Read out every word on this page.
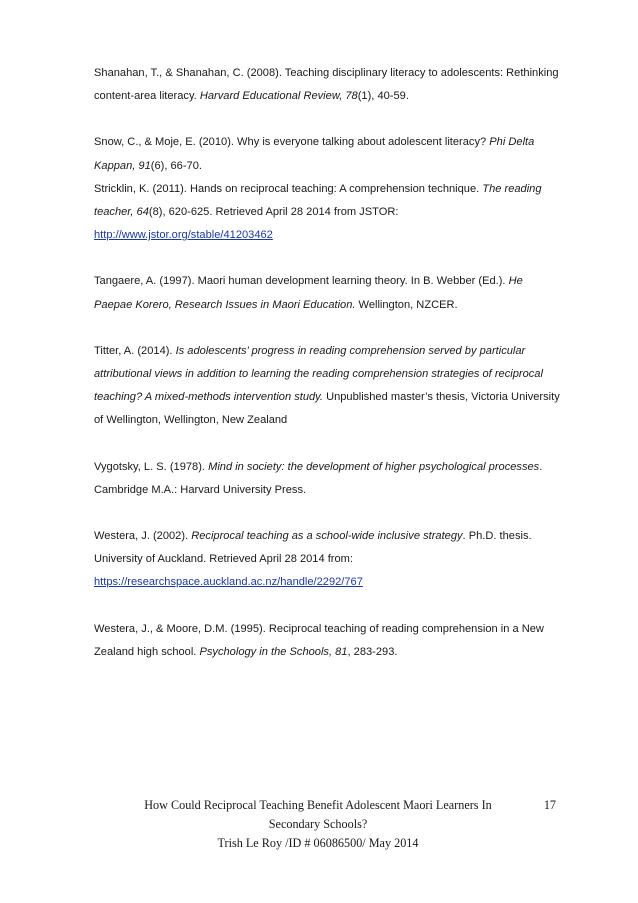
Shanahan, T., & Shanahan, C. (2008). Teaching disciplinary literacy to adolescents: Rethinking content-area literacy. Harvard Educational Review, 78(1), 40-59.

Snow, C., & Moje, E. (2010). Why is everyone talking about adolescent literacy? Phi Delta Kappan, 91(6), 66-70.

Stricklin, K. (2011). Hands on reciprocal teaching: A comprehension technique. The reading teacher, 64(8), 620-625. Retrieved April 28 2014 from JSTOR: http://www.jstor.org/stable/41203462

Tangaere, A. (1997). Maori human development learning theory. In B. Webber (Ed.). He Paepae Korero, Research Issues in Maori Education. Wellington, NZCER.

Titter, A. (2014). Is adolescents’ progress in reading comprehension served by particular attributional views in addition to learning the reading comprehension strategies of reciprocal teaching? A mixed-methods intervention study. Unpublished master’s thesis, Victoria University of Wellington, Wellington, New Zealand

Vygotsky, L. S. (1978). Mind in society: the development of higher psychological processes. Cambridge M.A.: Harvard University Press.

Westera, J. (2002). Reciprocal teaching as a school-wide inclusive strategy. Ph.D. thesis. University of Auckland. Retrieved April 28 2014 from: https://researchspace.auckland.ac.nz/handle/2292/767

Westera, J., & Moore, D.M. (1995). Reciprocal teaching of reading comprehension in a New Zealand high school. Psychology in the Schools, 81, 283-293.

How Could Reciprocal Teaching Benefit Adolescent Maori Learners In
Secondary Schools?
Trish Le Roy /ID # 06086500/ May 2014
17
